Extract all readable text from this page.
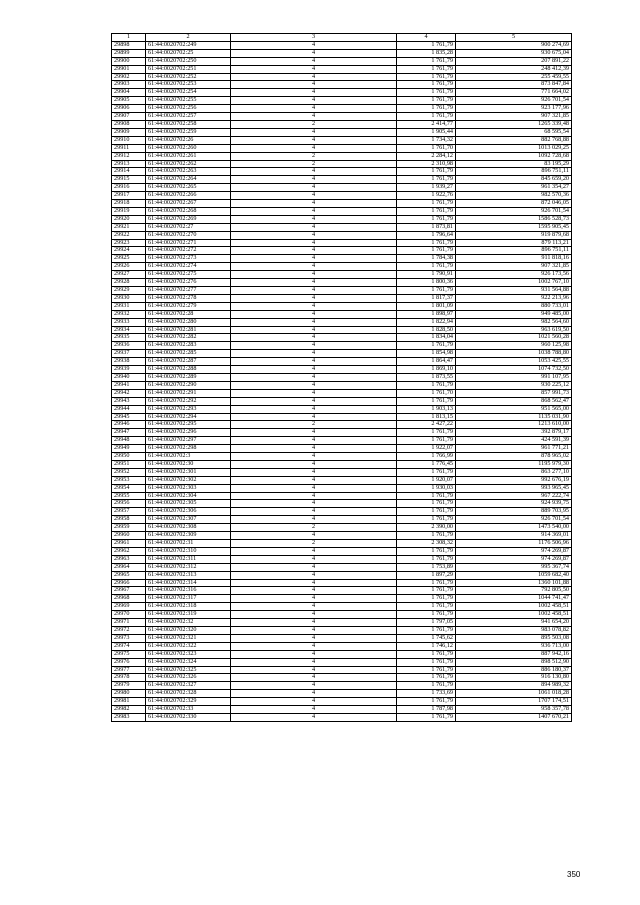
1	2	3	4	5
29898	61:44:0020702:249	4	1 761,79	900 274,69
29899	61:44:0020702:25	4	1 835,28	930 675,04
29900	61:44:0020702:250	4	1 761,79	207 891,22
29901	61:44:0020702:251	4	1 761,79	248 412,39
29902	61:44:0020702:252	4	1 761,79	255 459,55
29903	61:44:0020702:253	4	1 761,79	873 847,84
29904	61:44:0020702:254	4	1 761,79	771 664,02
29905	61:44:0020702:255	4	1 761,79	926 701,54
29906	61:44:0020702:256	4	1 761,79	923 177,96
29907	61:44:0020702:257	4	1 761,79	907 321,85
29908	61:44:0020702:258	2	2 414,77	1265 339,48
29909	61:44:0020702:259	4	1 905,44	68 595,54
29910	61:44:0020702:26	4	1 734,32	882 768,88
29911	61:44:0020702:260	4	1 761,70	1013 029,25
29912	61:44:0020702:261	2	2 284,12	1092 728,68
29913	61:44:0020702:262	2	2 310,98	83 195,29
29914	61:44:0020702:263	4	1 761,79	896 751,11
29915	61:44:0020702:264	4	1 761,79	845 659,20
29916	61:44:0020702:265	4	1 939,27	961 354,27
29917	61:44:0020702:266	4	1 922,76	982 570,36
29918	61:44:0020702:267	4	1 761,79	872 046,05
29919	61:44:0020702:268	4	1 761,79	926 701,54
29920	61:44:0020702:269	4	1 761,79	1586 528,73
29921	61:44:0020702:27	4	1 873,81	1595 905,45
29922	61:44:0020702:270	4	1 796,64	919 879,68
29923	61:44:0020702:271	4	1 761,79	879 113,21
29924	61:44:0020702:272	4	1 761,79	896 751,11
29925	61:44:0020702:273	4	1 784,38	911 818,16
29926	61:44:0020702:274	4	1 761,79	907 321,85
29927	61:44:0020702:275	4	1 790,91	926 173,56
29928	61:44:0020702:276	4	1 800,36	1002 767,10
29929	61:44:0020702:277	4	1 761,79	931 564,88
29930	61:44:0020702:278	4	1 817,37	922 213,96
29931	61:44:0020702:279	4	1 801,09	880 733,01
29932	61:44:0020702:28	4	1 898,97	949 485,00
29933	61:44:0020702:280	4	1 822,94	982 564,60
29934	61:44:0020702:281	4	1 828,50	963 619,50
29935	61:44:0020702:282	4	1 834,04	1021 560,28
29936	61:44:0020702:283	4	1 761,79	960 125,98
29937	61:44:0020702:285	4	1 854,98	1038 788,80
29938	61:44:0020702:287	4	1 864,47	1053 425,55
29939	61:44:0020702:288	4	1 869,10	1074 732,50
29940	61:44:0020702:289	4	1 873,55	991 107,95
29941	61:44:0020702:290	4	1 761,79	930 225,12
29942	61:44:0020702:291	4	1 761,70	857 991,73
29943	61:44:0020702:292	4	1 761,79	868 562,47
29944	61:44:0020702:293	4	1 903,13	951 565,00
29945	61:44:0020702:294	4	1 813,15	1135 031,90
29946	61:44:0020702:295	2	2 427,22	1213 610,00
29947	61:44:0020702:296	4	1 761,79	392 879,17
29948	61:44:0020702:297	4	1 761,79	424 591,39
29949	61:44:0020702:298	4	1 922,07	961 771,21
29950	61:44:0020702:3	4	1 766,99	878 965,02
29951	61:44:0020702:30	4	1 776,45	1195 979,30
29952	61:44:0020702:301	4	1 761,79	863 277,10
29953	61:44:0020702:302	4	1 920,07	992 676,19
29954	61:44:0020702:303	4	1 930,03	993 965,45
29955	61:44:0020702:304	4	1 761,79	967 222,74
29956	61:44:0020702:305	4	1 761,79	924 939,75
29957	61:44:0020702:306	4	1 761,79	889 703,95
29958	61:44:0020702:307	4	1 761,79	926 701,54
29959	61:44:0020702:308	2	2 390,00	1473 540,00
29960	61:44:0020702:309	4	1 761,79	914 369,01
29961	61:44:0020702:31	2	2 308,32	1176 506,96
29962	61:44:0020702:310	4	1 761,79	974 269,87
29963	61:44:0020702:311	4	1 761,79	974 269,87
29964	61:44:0020702:312	4	1 753,89	995 367,74
29965	61:44:0020702:313	4	1 897,29	1059 682,40
29966	61:44:0020702:314	4	1 761,79	1360 101,88
29967	61:44:0020702:316	4	1 761,79	792 805,50
29968	61:44:0020702:317	4	1 761,79	1044 741,47
29969	61:44:0020702:318	4	1 761,79	1002 458,51
29970	61:44:0020702:319	4	1 761,79	1002 458,51
29971	61:44:0020702:32	4	1 797,05	941 654,20
29972	61:44:0020702:320	4	1 761,79	983 078,82
29973	61:44:0020702:321	4	1 745,62	895 503,08
29974	61:44:0020702:322	4	1 746,12	936 713,00
29975	61:44:0020702:323	4	1 761,79	887 942,16
29976	61:44:0020702:324	4	1 761,79	898 512,90
29977	61:44:0020702:325	4	1 761,79	886 180,37
29978	61:44:0020702:326	4	1 761,79	916 130,80
29979	61:44:0020702:327	4	1 761,79	894 989,32
29980	61:44:0020702:328	4	1 733,69	1061 018,28
29981	61:44:0020702:329	4	1 761,79	1707 174,51
29982	61:44:0020702:33	4	1 787,98	958 357,78
29983	61:44:0020702:330	4	1 761,79	1407 670,21
350
